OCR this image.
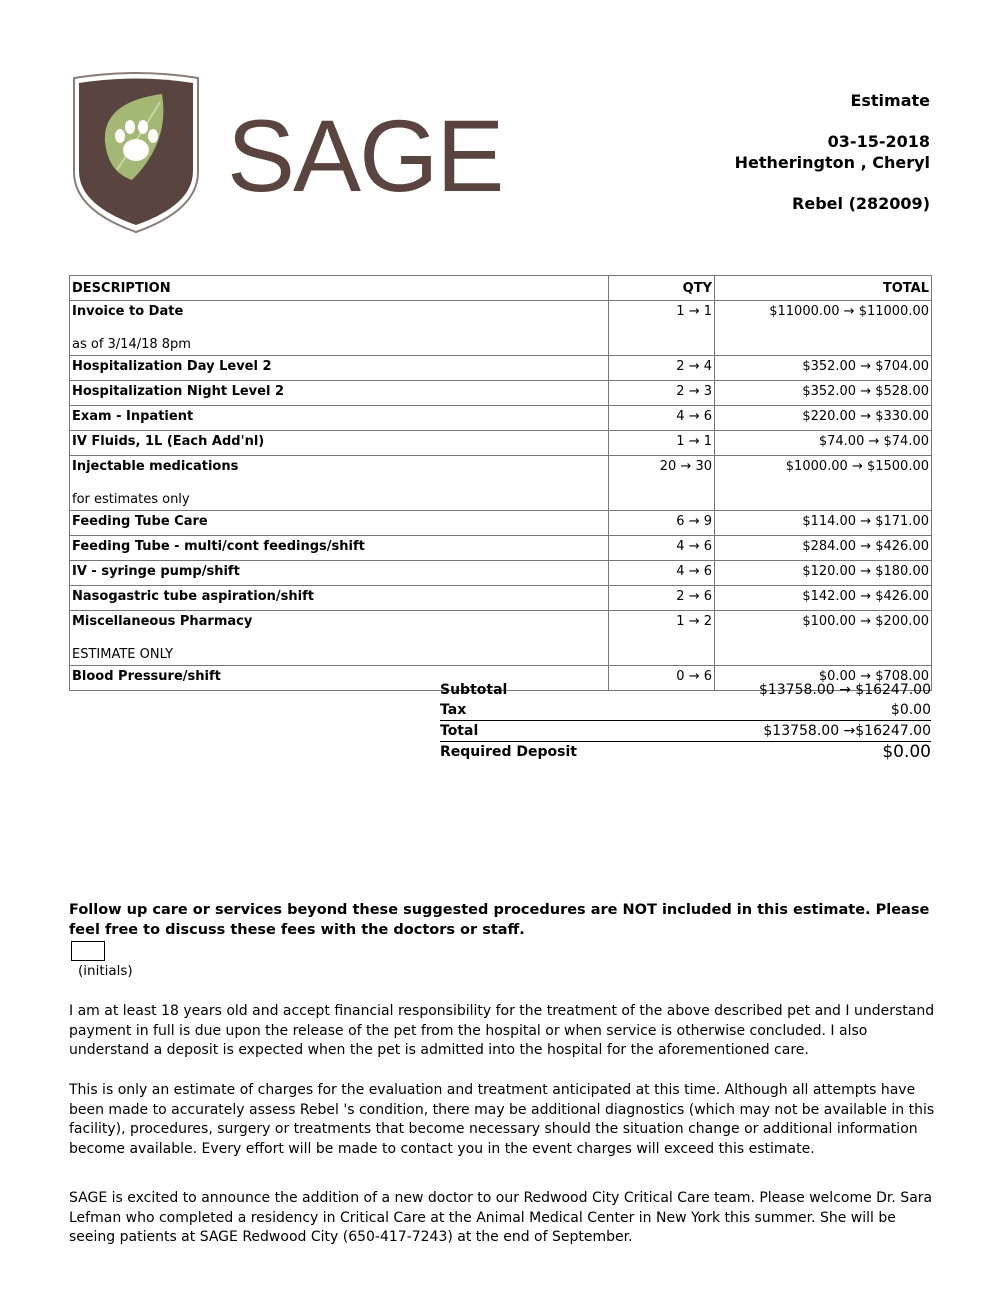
SAGE	Estimate
03-15-2018
Hetherington , Cheryl
Rebel (282009)
DESCRIPTION	QTY	TOTAL

Invoice to Date
as of 3/14/18 8pm	1 → 1	$11000.00 → $11000.00

Hospitalization Day Level 2	2 → 4	$352.00 → $704.00

Hospitalization Night Level 2	2 → 3	$352.00 → $528.00

Exam - Inpatient	4 → 6	$220.00 → $330.00

IV Fluids, 1L (Each Add'nl)	1 → 1	$74.00 → $74.00

Injectable medications
for estimates only	20 → 30	$1000.00 → $1500.00

Feeding Tube Care	6 → 9	$114.00 → $171.00

Feeding Tube - multi/cont feedings/shift	4 → 6	$284.00 → $426.00

IV - syringe pump/shift	4 → 6	$120.00 → $180.00

Nasogastric tube aspiration/shift	2 → 6	$142.00 → $426.00

Miscellaneous Pharmacy
ESTIMATE ONLY	1 → 2	$100.00 → $200.00

Blood Pressure/shift	0 → 6	$0.00 → $708.00
Subtotal	$13758.00 → $16247.00
Tax	$0.00
Total	$13758.00 →$16247.00
Required Deposit	$0.00
Follow up care or services beyond these suggested procedures are NOT included in this estimate. Please feel free to discuss these fees with the doctors or staff.
(initials)
I am at least 18 years old and accept financial responsibility for the treatment of the above described pet and I understand payment in full is due upon the release of the pet from the hospital or when service is otherwise concluded. I also understand a deposit is expected when the pet is admitted into the hospital for the aforementioned care.
This is only an estimate of charges for the evaluation and treatment anticipated at this time. Although all attempts have been made to accurately assess Rebel 's condition, there may be additional diagnostics (which may not be available in this facility), procedures, surgery or treatments that become necessary should the situation change or additional information become available. Every effort will be made to contact you in the event charges will exceed this estimate.
SAGE is excited to announce the addition of a new doctor to our Redwood City Critical Care team. Please welcome Dr. Sara Lefman who completed a residency in Critical Care at the Animal Medical Center in New York this summer. She will be seeing patients at SAGE Redwood City (650-417-7243) at the end of September.
